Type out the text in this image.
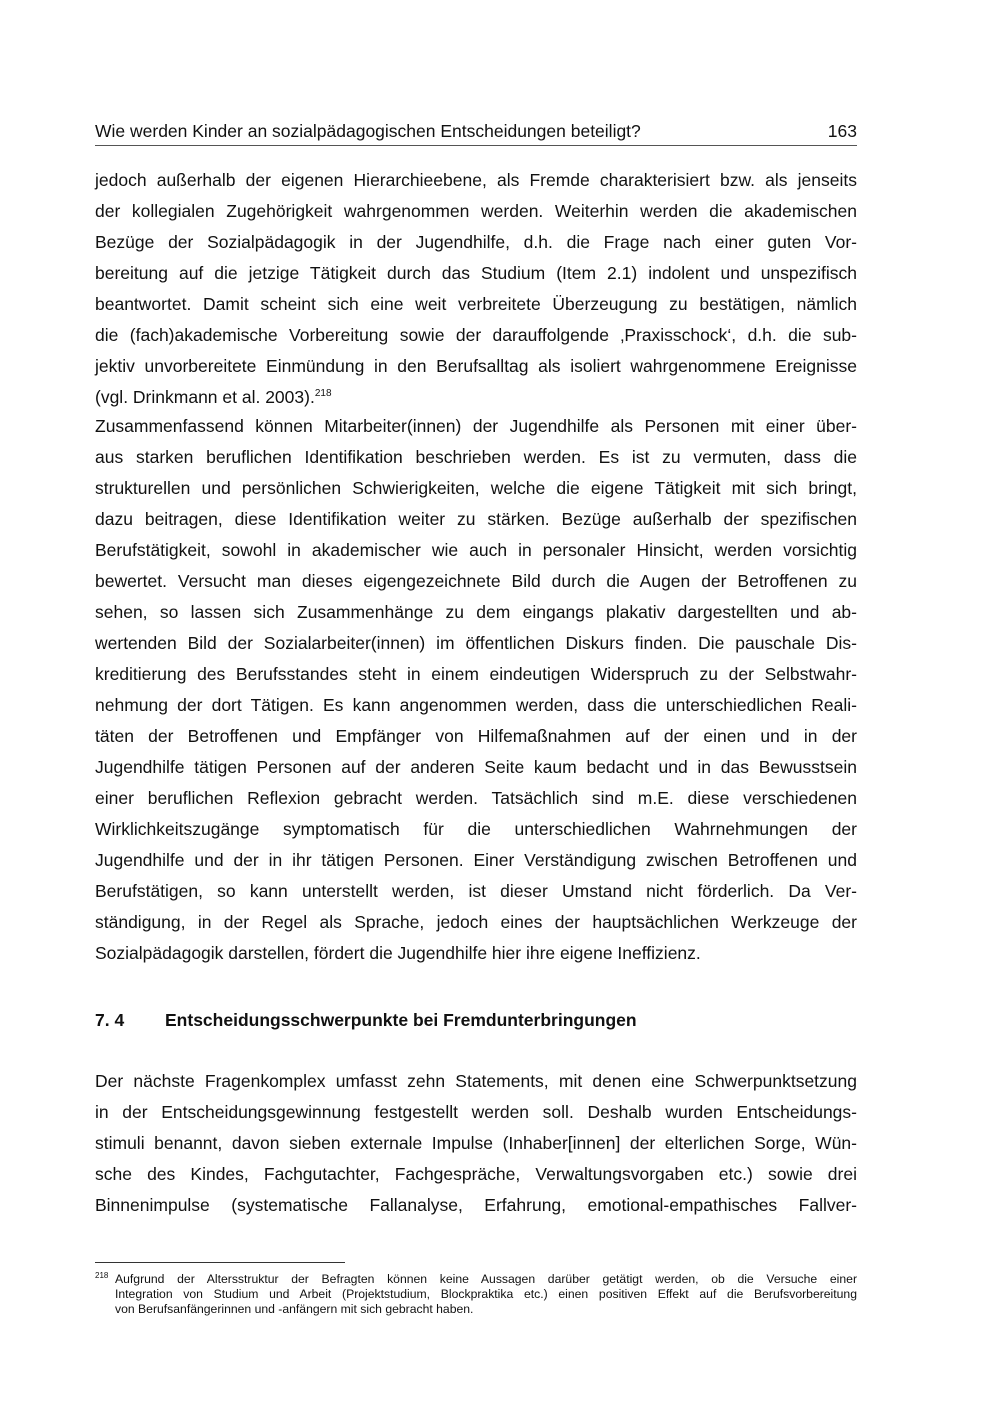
Wie werden Kinder an sozialpädagogischen Entscheidungen beteiligt?	163
jedoch außerhalb der eigenen Hierarchieebene, als Fremde charakterisiert bzw. als jenseits
der kollegialen Zugehörigkeit wahrgenommen werden. Weiterhin werden die akademischen
Bezüge der Sozialpädagogik in der Jugendhilfe, d.h. die Frage nach einer guten Vor-
bereitung auf die jetzige Tätigkeit durch das Studium (Item 2.1) indolent und unspezifisch
beantwortet. Damit scheint sich eine weit verbreitete Überzeugung zu bestätigen, nämlich
die (fach)akademische Vorbereitung sowie der darauffolgende ‚Praxisschock‘, d.h. die sub-
jektiv unvorbereitete Einmündung in den Berufsalltag als isoliert wahrgenommene Ereignisse
(vgl. Drinkmann et al. 2003).$^{218}$
Zusammenfassend können Mitarbeiter(innen) der Jugendhilfe als Personen mit einer über-
aus starken beruflichen Identifikation beschrieben werden. Es ist zu vermuten, dass die
strukturellen und persönlichen Schwierigkeiten, welche die eigene Tätigkeit mit sich bringt,
dazu beitragen, diese Identifikation weiter zu stärken. Bezüge außerhalb der spezifischen
Berufstätigkeit, sowohl in akademischer wie auch in personaler Hinsicht, werden vorsichtig
bewertet. Versucht man dieses eigengezeichnete Bild durch die Augen der Betroffenen zu
sehen, so lassen sich Zusammenhänge zu dem eingangs plakativ dargestellten und ab-
wertenden Bild der Sozialarbeiter(innen) im öffentlichen Diskurs finden. Die pauschale Dis-
kreditierung des Berufsstandes steht in einem eindeutigen Widerspruch zu der Selbstwahr-
nehmung der dort Tätigen. Es kann angenommen werden, dass die unterschiedlichen Reali-
täten der Betroffenen und Empfänger von Hilfemaßnahmen auf der einen und in der
Jugendhilfe tätigen Personen auf der anderen Seite kaum bedacht und in das Bewusstsein
einer beruflichen Reflexion gebracht werden. Tatsächlich sind m.E. diese verschiedenen
Wirklichkeitszugänge symptomatisch für die unterschiedlichen Wahrnehmungen der
Jugendhilfe und der in ihr tätigen Personen. Einer Verständigung zwischen Betroffenen und
Berufstätigen, so kann unterstellt werden, ist dieser Umstand nicht förderlich. Da Ver-
ständigung, in der Regel als Sprache, jedoch eines der hauptsächlichen Werkzeuge der
Sozialpädagogik darstellen, fördert die Jugendhilfe hier ihre eigene Ineffizienz.
7. 4 Entscheidungsschwerpunkte bei Fremdunterbringungen
Der nächste Fragenkomplex umfasst zehn Statements, mit denen eine Schwerpunktsetzung
in der Entscheidungsgewinnung festgestellt werden soll. Deshalb wurden Entscheidungs-
stimuli benannt, davon sieben externale Impulse (Inhaber[innen] der elterlichen Sorge, Wün-
sche des Kindes, Fachgutachter, Fachgespräche, Verwaltungsvorgaben etc.) sowie drei
Binnenimpulse (systematische Fallanalyse, Erfahrung, emotional-empathisches Fallver-
218 Aufgrund der Altersstruktur der Befragten können keine Aussagen darüber getätigt werden, ob die Versuche einer
Integration von Studium und Arbeit (Projektstudium, Blockpraktika etc.) einen positiven Effekt auf die Berufsvorbereitung
von Berufsanfängerinnen und -anfängern mit sich gebracht haben.
